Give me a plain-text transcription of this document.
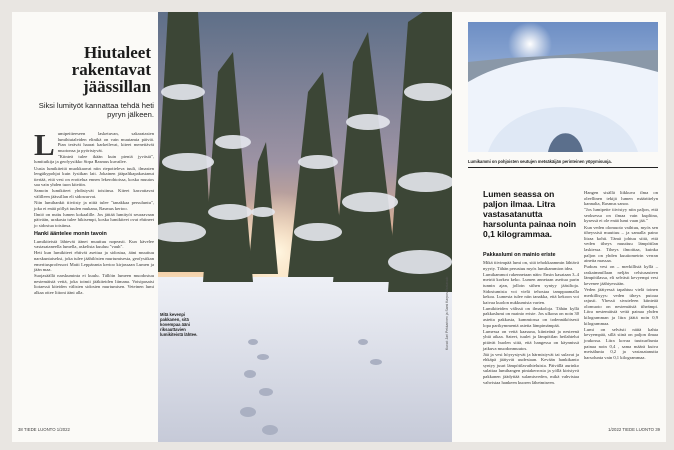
Hiutaleet rakentavat jäässillan
Siksi lumityöt kannattaa tehdä heti pyryn jälkeen.

Lumipeitteeseen lasketuvan, sakaratasien lumihiutaleiden elinikä on vain muutamia päiviä. Pian terävät haarat karkeilevat, kiteet menettävät muotonsa ja pyöristyvät.

"Kiinteä tulee ikään kuin pieniä jyväsiä", lumitutkija ja geofyysikko Sirpa Rasmus kuvailee.

Uusia lumikiteitä muokkaavat niin riepotteleva tuuli, ilmasten lengäkypohjat kuin fysiikan lait. Jokainen jääpaltkapakastanut tiertää, että vesi on erottelua ennen lekerohtoissa, koska muutos saa vain yhden tuon kiteitin.

Samoin lumikiteet yhdistyvät toisiinsa. Kiteet kasvattavat välilleen jäässillan eli sidosrarvat.

Niin lumihankit tiiviisty ja niitä tulee "tanakkaa persuluntu", joka ei enää pöllyä tuulen mukana, Rasmus kertoo.

Ilmiö on nuttu lumen kokaalille. Jos jättää lumityöt seuraavaan päivään, urakasta tulee hikisempi, koska lumikiteet ovat ehtineet jo sidostua toisiinsa.

Hanki ääntelee monin tavoin

Lumikiteistä lähtevät äänet muuttuu nopeasti. Kun kävelee vastasataneella lumella, askelista kuuluu "vauh".

Heti kun lumikiteet ehtivät asettua ja sidostua, ääni muuttuu narskuntaiseksi, joka tulee jäähilösten murtumisesta, geofysiikan emeritusprofessori Matti Leppäranta kertoo kirjassaan Lumen ja jään maa.

Suojasäällä narskuminta ei kuulu. Tällöin lumeen muodostuu nestemäistä vettä, joka toimii jääkiteiden liimana. Voisipasaisi liotaessä kiteiden välisten sidosten murtumisen. Veteinen lumi alkaa ottee liitoni ääni alla.

38 TIEDE LUONTO 1/2022
Mitä kevenpi pakkanen, sitä kovempaa ääni riksauttavien lumikiteistä lähtee.	Kuvat: Jari Pekkarinen ja Sami Karpos/Vastavalo
Lumikammi on pohjoisten seutujen metsäkäijän perinteinen yöpymisuoja.
Lumen seassa on paljon ilmaa. Litra vastasatanutta harsolunta painaa noin 0,1 kilogrammaa.
Pakkaslumi on mainio eriste

Mikä tiivimpää lumi on, sitä tehokkaammin lähtävä nyyriy. Tähän perustuu myös lumikammion idea.

Lumikammoi rakennetaan näin: Ensin kasataan 3–4 metriä korkea keko. Lumen annetaan asettua parin tunnin ajan, jolloin siihen syntyy jääsiltoja. Sidostumista voi vielä tehostaa tamppaamalla kekoa. Lumesta tulee niin tanakka, että kekoon voi kaivaa kuolon nukkumista varten.

Lumikiteiden välissä on ilmakoloja. Tähän kyllä pakkaslumi on mainio eriste. Jos ulkona on noin 30 astetta pakkasta, kammiossa on todennäköisesti lopa parikymmentä astetta lämpimämpää.

Lumessa on vettä kaasuna, kiinteänä ja nesteenä yhtä aikaa. Sateet, tuulet ja lämpötilan heilahtelut pitävät huolen siitä, että hangessa on käynnissä jatkuva muodonmuutos.

Jää ja vesi höyrystyvät ja härmistyvät tai sulavat ja ehkäpä jäätyvät uudestaan. Kevään hankikanto syntyy juuri lämpötilavaihteluista. Päivällä aurinko sulattaa lumihangen pintakerrosta ja yöllä kiristyvä pakkanen jäädyttää sulamisveden, mikä vahvistaa vahvistaa hankeen kuoren lähetmiseen.

Hangen sisällä liikkuva ilma on oleellinen tekijä lumen määrittelyn kannalta, Rasmus sanoo.

"Jos lumipeite tiivistyy niin paljon, että seoksessa on ilmaa vain kupliina, kysessä ei ole enää lumi vaan jää."

Kun veden olomuoto vaihtuu, myös sen tiheyssisä muuttuu – ja samalla paino litraa kohti. Tämä johtuu siitä, että veden tiheys muuttuu lämpötilan laskiessa. Tiheys ilmoittaa, kuinka paljon on yhden kuutiometrin verran ainetta massaa.

Pudoas vesi on – merkillistä kyllä – raskaimmillaan neljän celsiusasteen lämpötilassa, eli selvästi kevyempi vesi kevenee jäähtyessään.

Veden jäätyessä tapahtuu vielä toinen merkillisyys: veden tiheys putoaa rajusti. Yhessä sivuteleen kiinteää olomuoto on nestemäistä tiheämpi. Litra nestemäistä vettä painaa yhden kilogramman ja litra jäätä noin 0,9 kilogrammaa.

Lumi on selvästi näitä kahta kevyempää, sillä siinä on paljon ilmaa joukossa. Litra kovaa tuutsurfiunta painaa noin 0,4 , sama määrä kuiva metsälunta 0,2 ja vastasatanutta harsolunta vain 0,1 kilogrammaa.

1/2022 TIEDE LUONTO 39
